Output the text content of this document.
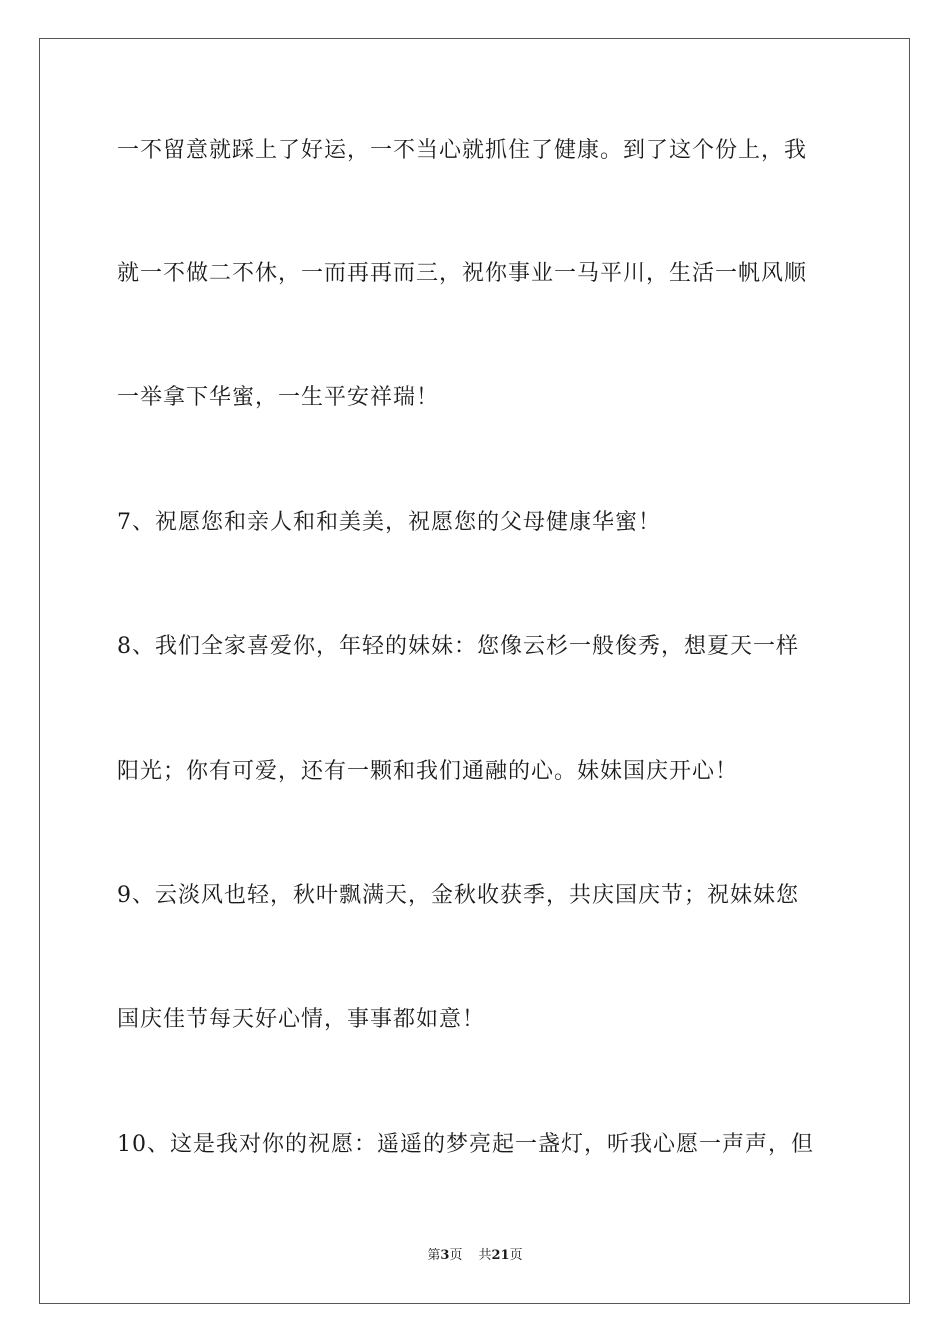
一不留意就踩上了好运，一不当心就抓住了健康。到了这个份上，我
就一不做二不休，一而再再而三，祝你事业一马平川，生活一帆风顺
一举拿下华蜜，一生平安祥瑞！
7、祝愿您和亲人和和美美，祝愿您的父母健康华蜜！
8、我们全家喜爱你，年轻的妹妹：您像云杉一般俊秀，想夏天一样
阳光；你有可爱，还有一颗和我们通融的心。妹妹国庆开心！
9、云淡风也轻，秋叶飘满天，金秋收获季，共庆国庆节；祝妹妹您
国庆佳节每天好心情，事事都如意！
10、这是我对你的祝愿：遥遥的梦亮起一盏灯，听我心愿一声声，但
第3页 共21页
